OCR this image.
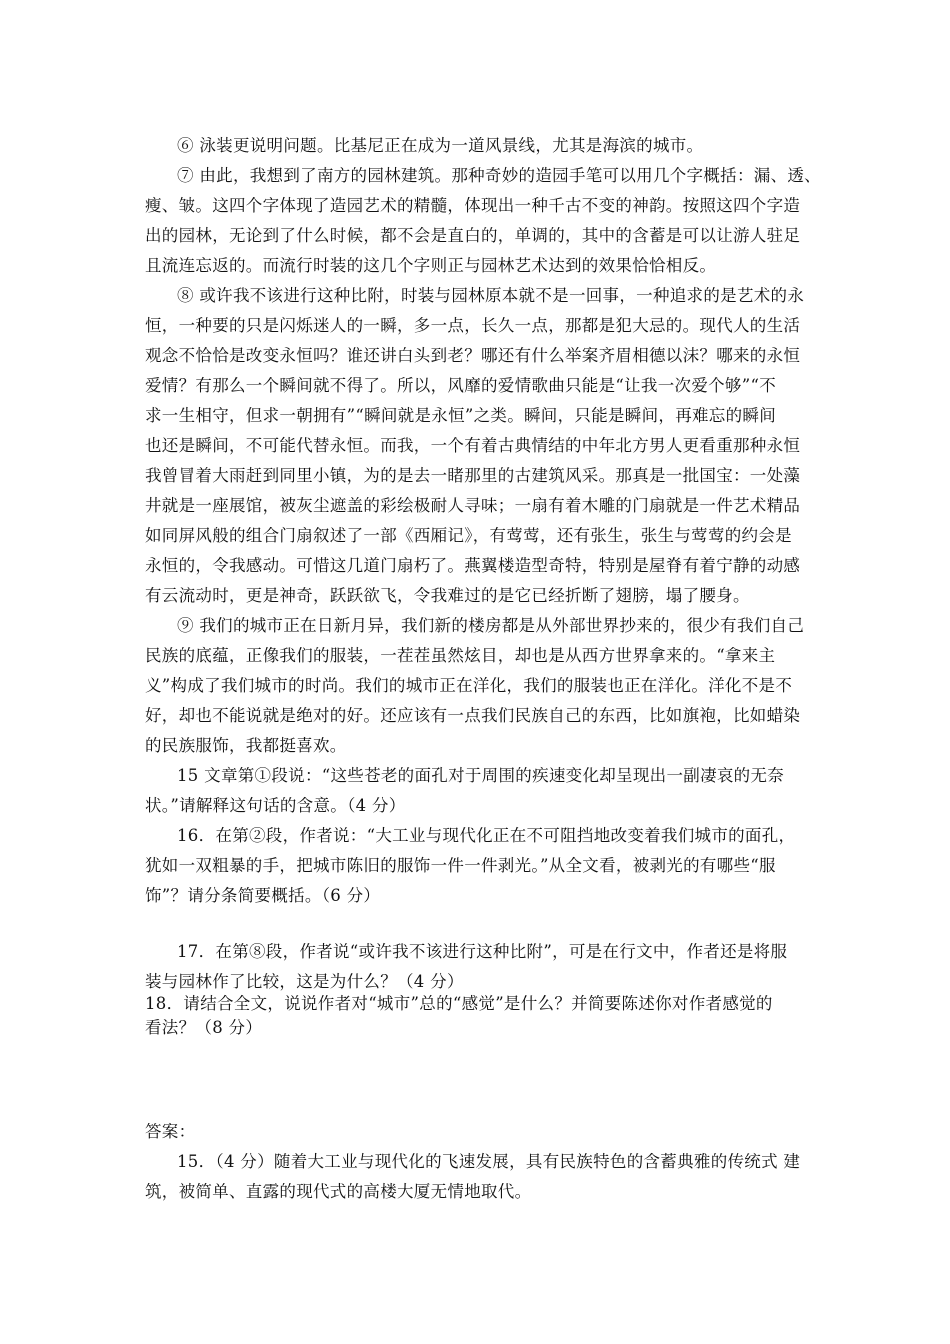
⑥ 泳装更说明问题。比基尼正在成为一道风景线，尤其是海滨的城市。
⑦ 由此，我想到了南方的园林建筑。那种奇妙的造园手笔可以用几个字概括：漏、透、
瘦、皱。这四个字体现了造园艺术的精髓，体现出一种千古不变的神韵。按照这四个字造
出的园林，无论到了什么时候，都不会是直白的，单调的，其中的含蓄是可以让游人驻足
且流连忘返的。而流行时装的这几个字则正与园林艺术达到的效果恰恰相反。
⑧ 或许我不该进行这种比附，时装与园林原本就不是一回事，一种追求的是艺术的永
恒，一种要的只是闪烁迷人的一瞬，多一点，长久一点，那都是犯大忌的。现代人的生活
观念不恰恰是改变永恒吗？谁还讲白头到老？哪还有什么举案齐眉相德以沫？哪来的永恒
爱情？有那么一个瞬间就不得了。所以，风靡的爱情歌曲只能是“让我一次爱个够”“不
求一生相守，但求一朝拥有”“瞬间就是永恒”之类。瞬间，只能是瞬间，再难忘的瞬间
也还是瞬间，不可能代替永恒。而我，一个有着古典情结的中年北方男人更看重那种永恒
我曾冒着大雨赶到同里小镇，为的是去一睹那里的古建筑风采。那真是一批国宝：一处藻
井就是一座展馆，被灰尘遮盖的彩绘极耐人寻味；一扇有着木雕的门扇就是一件艺术精品
如同屏风般的组合门扇叙述了一部《西厢记》，有莺莺，还有张生，张生与莺莺的约会是
永恒的，令我感动。可惜这几道门扇朽了。燕翼楼造型奇特，特别是屋脊有着宁静的动感
有云流动时，更是神奇，跃跃欲飞，令我难过的是它已经折断了翅膀，塌了腰身。
⑨ 我们的城市正在日新月异，我们新的楼房都是从外部世界抄来的，很少有我们自己
民族的底蕴，正像我们的服装，一茬茬虽然炫目，却也是从西方世界拿来的。“拿来主
义”构成了我们城市的时尚。我们的城市正在洋化，我们的服装也正在洋化。洋化不是不
好，却也不能说就是绝对的好。还应该有一点我们民族自己的东西，比如旗袍，比如蜡染
的民族服饰，我都挺喜欢。
15 文章第①段说：“这些苍老的面孔对于周围的疾速变化却呈现出一副凄哀的无奈
状。”请解释这句话的含意。（4 分）
16．在第②段，作者说：“大工业与现代化正在不可阻挡地改变着我们城市的面孔，
犹如一双粗暴的手，把城市陈旧的服饰一件一件剥光。”从全文看，被剥光的有哪些“服
饰”？请分条简要概括。（6 分）
17．在第⑧段，作者说“或许我不该进行这种比附”，可是在行文中，作者还是将服
装与园林作了比较，这是为什么？（4 分）
18．请结合全文，说说作者对“城市”总的“感觉”是什么？并简要陈述你对作者感觉的
看法？（8 分）
答案：
15．（4 分）随着大工业与现代化的飞速发展，具有民族特色的含蓄典雅的传统式 建
筑，被简单、直露的现代式的高楼大厦无情地取代。
